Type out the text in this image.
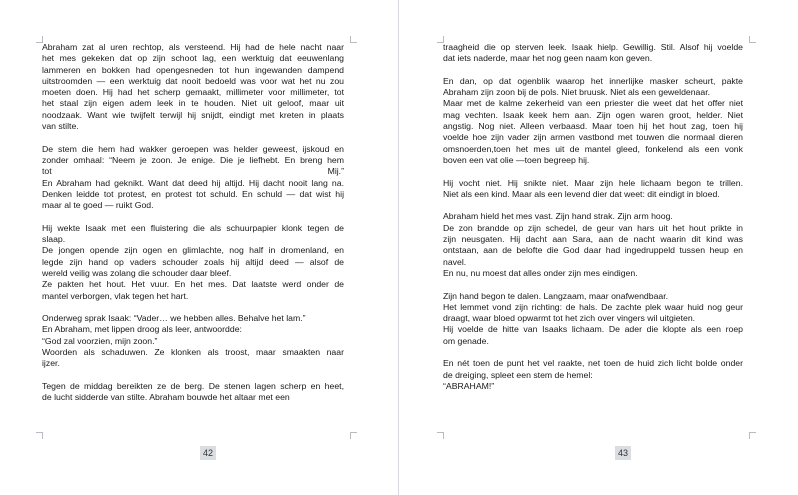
Abraham zat al uren rechtop, als versteend. Hij had de hele nacht naar
het mes gekeken dat op zijn schoot lag, een werktuig dat eeuwenlang
lammeren en bokken had opengesneden tot hun ingewanden dampend
uitstroomden — een werktuig dat nooit bedoeld was voor wat het nu zou
moeten doen. Hij had het scherp gemaakt, millimeter voor millimeter, tot
het staal zijn eigen adem leek in te houden. Niet uit geloof, maar uit
noodzaak. Want wie twijfelt terwijl hij snijdt, eindigt met kreten in plaats
van stilte.
De stem die hem had wakker geroepen was helder geweest, ijskoud en
zonder omhaal: “Neem je zoon. Je enige. Die je liefhebt. En breng hem
tot Mij.”
En Abraham had geknikt. Want dat deed hij altijd. Hij dacht nooit lang na.
Denken leidde tot protest, en protest tot schuld. En schuld — dat wist hij
maar al te goed — ruikt God.
Hij wekte Isaak met een fluistering die als schuurpapier klonk tegen de
slaap.
De jongen opende zijn ogen en glimlachte, nog half in dromenland, en
legde zijn hand op vaders schouder zoals hij altijd deed — alsof de
wereld veilig was zolang die schouder daar bleef.
Ze pakten het hout. Het vuur. En het mes. Dat laatste werd onder de
mantel verborgen, vlak tegen het hart.
Onderweg sprak Isaak: “Vader… we hebben alles. Behalve het lam.”
En Abraham, met lippen droog als leer, antwoordde:
“God zal voorzien, mijn zoon.”
Woorden als schaduwen. Ze klonken als troost, maar smaakten naar
ijzer.
Tegen de middag bereikten ze de berg. De stenen lagen scherp en heet,
de lucht sidderde van stilte. Abraham bouwde het altaar met een
42
traagheid die op sterven leek. Isaak hielp. Gewillig. Stil. Alsof hij voelde
dat iets naderde, maar het nog geen naam kon geven.
En dan, op dat ogenblik waarop het innerlijke masker scheurt, pakte
Abraham zijn zoon bij de pols. Niet bruusk. Niet als een geweldenaar.
Maar met de kalme zekerheid van een priester die weet dat het offer niet
mag vechten. Isaak keek hem aan. Zijn ogen waren groot, helder. Niet
angstig. Nog niet. Alleen verbaasd. Maar toen hij het hout zag, toen hij
voelde hoe zijn vader zijn armen vastbond met touwen die normaal dieren
omsnoerden,toen het mes uit de mantel gleed, fonkelend als een vonk
boven een vat olie —toen begreep hij.
Hij vocht niet. Hij snikte niet. Maar zijn hele lichaam begon te trillen.
Niet als een kind. Maar als een levend dier dat weet: dit eindigt in bloed.
Abraham hield het mes vast. Zijn hand strak. Zijn arm hoog.
De zon brandde op zijn schedel, de geur van hars uit het hout prikte in
zijn neusgaten. Hij dacht aan Sara, aan de nacht waarin dit kind was
ontstaan, aan de belofte die God daar had ingedruppeld tussen heup en
navel.
En nu, nu moest dat alles onder zijn mes eindigen.
Zijn hand begon te dalen. Langzaam, maar onafwendbaar.
Het lemmet vond zijn richting: de hals. De zachte plek waar huid nog geur
draagt, waar bloed opwarmt tot het zich over vingers wil uitgieten.
Hij voelde de hitte van Isaaks lichaam. De ader die klopte als een roep
om genade.
En nét toen de punt het vel raakte, net toen de huid zich licht bolde onder
de dreiging, spleet een stem de hemel:
“ABRAHAM!”
43
